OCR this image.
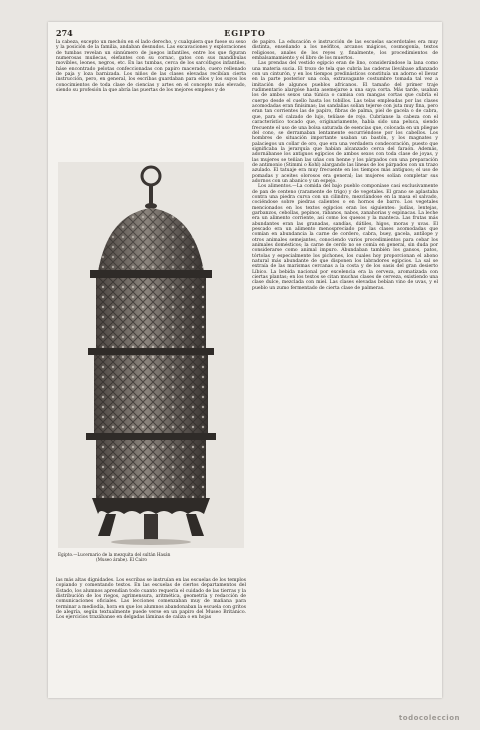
274	EGIPTO

la cabeza, excepto un mechón en el lado derecho, y cualquiera que fuese su sexo y la posición de la familia, andaban desnudos. Las excavaciones y exploraciones de tumbas revelan un sinnúmero de juegos infantiles, entre los que figuran numerosas muñecas, elefantes con su cornac, gatos con sus mandíbulas movibles, leones, negros, etc. En las tumbas, cerca de los sarcófagos infantiles, háse encontrado pelotas confeccionadas con papiro macerado, cuero rellenado de paja y loza barnizada. Los niños de las clases elevadas recibían cierta instrucción, pero, en general, los escribas guardaban para ellos y los suyos los conocimientos de toda clase de ciencias y artes en el concepto más elevado, siendo su profesión la que abría las puertas de los mejores empleos y de

Egipto.—Lucernario de la mezquita del sultán Hasán
(Museo árabe). El Cairo

las más altas dignidades. Los escribas se instruían en las escuelas de los templos copiando y comentando textos. En las escuelas de ciertos departamentos del Estado, los alumnos aprendían todo cuanto requería el cuidado de las tierras y la distribución de los riegos, agrimensura, aritmética, geometría y redacción de comunicaciones oficiales. Las lecciones comenzaban muy de mañana para terminar a mediodía, hora en que los alumnos abandonaban la escuela con gritos de alegría, según textualmente puede verse en un papiro del Museo Británico. Los ejercicios trazábanse en delgadas láminas de caliza o en hojas

de papiro. La educación e instrucción de las escuelas sacerdotales era muy distinta, enseñando a los neófitos, arcanos mágicos, cosmogonía, textos religiosos, anales de los reyes y, finalmente, los procedimientos de embalsamamiento y el libro de los muertos.

Las prendas del vestido egipcio eran de lino, considerándose la lana como una materia sucia. El trozo de tela que cubría las caderas llevábase afianzado con un cinturón, y en los tiempos predinásticos constituía un adorno el llevar en la parte posterior una cola, extravagante costumbre tomada tal vez a imitación de algunos pueblos africanos. El tamaño del primer traje rudimentario alargóse hasta asemejarse a una saya corta. Más tarde, usaban los de ambos sexos una túnica o camisa con mangas cortas que cubría el cuerpo desde el cuello hasta los tobillos. Las telas empleadas por las clases acomodadas eran finísimas; las sandalias solían tejerse con juta muy fina, pero eran tan corrientes las de papiro, fibras de palma, piel de gacela o de cabra, que, para el calzado de lujo, teñíase de rojo. Cubríanse la cabeza con el característico tocado que, originariamente, había sido una peluca, siendo frecuente el uso de una bolsa saturada de esencias que, colocada en un pliegue del cono, se derramaban lentamente escurriéndose por los cabellos. Los hombres de situación importante usaban un bastón, y los magnates y palaciegos un collar de oro, que era una verdadera condecoración, puesto que significaba la jerarquía que habían alcanzado cerca del faraón. Además, adornábanse los antiguos egipcios de ambos sexos con toda clase de joyas, y las mujeres se teñían las uñas con henne y los párpados con una preparación de antimonio (Stimmi o Kohl) alargando las líneas de los párpados con un trazo azulado. El tatuaje era muy frecuente en los tiempos más antiguos; el uso de pomadas y aceites olorosos era general; las mujeres solían completar sus adornos con un abanico y un espejo.

Los alimentos.—La comida del bajo pueblo componíase casi exclusivamente de pan de centeno (raramente de trigo) y de vegetales. El grano se aplastaba contra una piedra curva con un cilindro, mezclándose en la masa el salvado, cociéndose sobre piedras calientes o en hornos de barro. Los vegetales mencionados en los textos egipcios eran los siguientes: judías, lentejas, garbanzos, cebollas, pepinos, rábanos, nabos, zanahorias y espinacas. La leche era un alimento corriente, así como los quesos y la manteca. Las frutas más abundantes eran las granadas, sandías, dátiles, higos, moras y uvas. El pescado era un alimento menospreciado por las clases acomodadas que comían en abundancia la carne de cordero, cabra, buey, gacela, antílope y otros animales semejantes, conociendo varios procedimientos para cebar los animales domésticos; la carne de cerdo no se comía en general, sin duda por considerarse como animal impuro. Abundaban también los gansos, patos, tórtolas y especialmente los pichones, los cuales hoy proporcionan el abono natural más abundante de que disponen los labradores egipcios. La sal se extraía de las marismas cercanas a la costa y de los oasis del gran desierto Líbico. La bebida nacional por excelencia era la cerveza, aromatizada con ciertas plantas; en los textos se citan muchas clases de cerveza, existiendo una clase dulce, mezclada con miel. Las clases elevadas bebían vino de uvas, y el pueblo un zumo fermentado de cierta clase de palmeras.

todocoleccion
